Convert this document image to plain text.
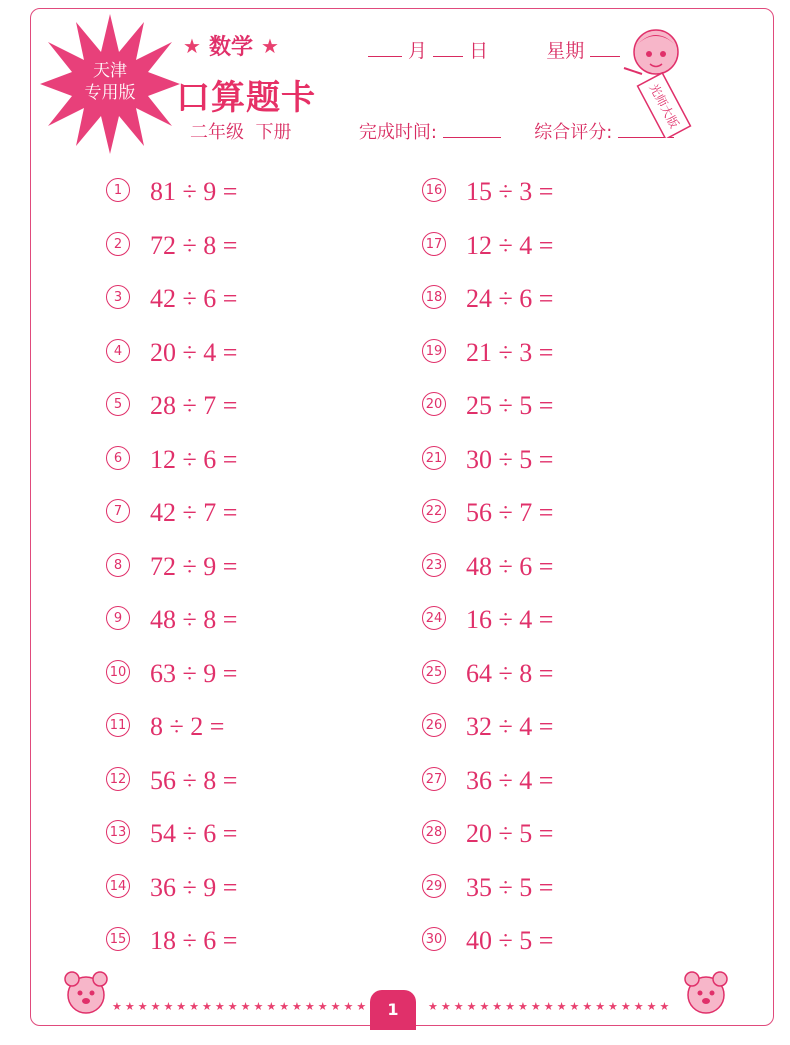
天津
专用版
★ 数学 ★
口算题卡
月 日	星期
二年级  下册	完成时间:	综合评分:
光师大版
1 81 ÷ 9 =
2 72 ÷ 8 =
3 42 ÷ 6 =
4 20 ÷ 4 =
5 28 ÷ 7 =
6 12 ÷ 6 =
7 42 ÷ 7 =
8 72 ÷ 9 =
9 48 ÷ 8 =
10 63 ÷ 9 =
11 8 ÷ 2 =
12 56 ÷ 8 =
13 54 ÷ 6 =
14 36 ÷ 9 =
15 18 ÷ 6 =
16 15 ÷ 3 =
17 12 ÷ 4 =
18 24 ÷ 6 =
19 21 ÷ 3 =
20 25 ÷ 5 =
21 30 ÷ 5 =
22 56 ÷ 7 =
23 48 ÷ 6 =
24 16 ÷ 4 =
25 64 ÷ 8 =
26 32 ÷ 4 =
27 36 ÷ 4 =
28 20 ÷ 5 =
29 35 ÷ 5 =
30 40 ÷ 5 =
★★★★★★★★★★★★★★★★★★★★	★★★★★★★★★★★★★★★★★★★
1
